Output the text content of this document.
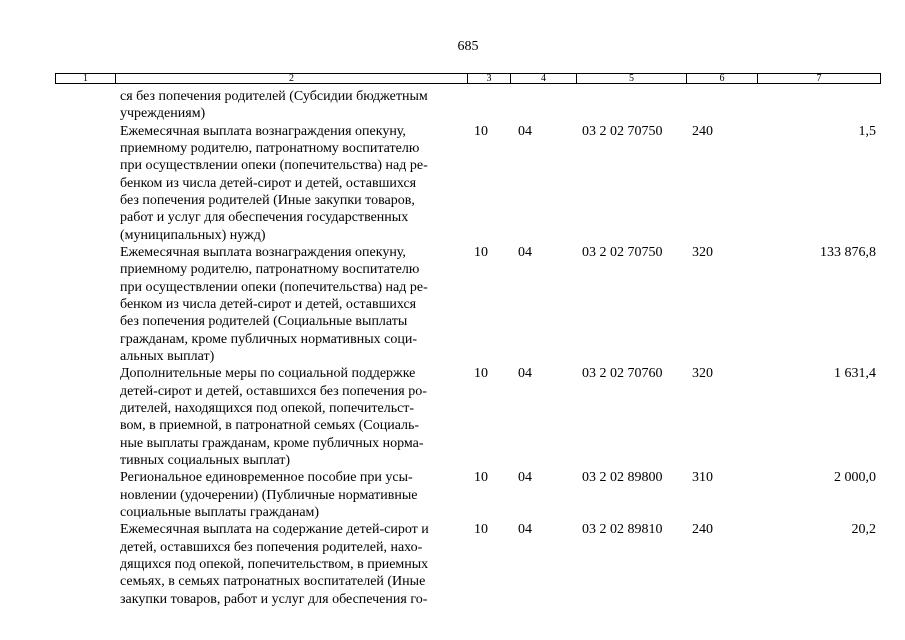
685
1	2	3	4	5	6	7
ся без попечения родителей (Субсидии бюджетным
учреждениям)
Ежемесячная выплата вознаграждения опекуну,
приемному родителю, патронатному воспитателю
при осуществлении опеки (попечительства) над ре-
бенком из числа детей-сирот и детей, оставшихся
без попечения родителей (Иные закупки товаров,
работ и услуг для обеспечения государственных
(муниципальных) нужд)
10	04	03 2 02 70750	240	1,5
Ежемесячная выплата вознаграждения опекуну,
приемному родителю, патронатному воспитателю
при осуществлении опеки (попечительства) над ре-
бенком из числа детей-сирот и детей, оставшихся
без попечения родителей (Социальные выплаты
гражданам, кроме публичных нормативных соци-
альных выплат)
10	04	03 2 02 70750	320	133 876,8
Дополнительные меры по социальной поддержке
детей-сирот и детей, оставшихся без попечения ро-
дителей, находящихся под опекой, попечительст-
вом, в приемной, в патронатной семьях (Социаль-
ные выплаты гражданам, кроме публичных норма-
тивных социальных выплат)
10	04	03 2 02 70760	320	1 631,4
Региональное единовременное пособие при усы-
новлении (удочерении) (Публичные нормативные
социальные выплаты гражданам)
10	04	03 2 02 89800	310	2 000,0
Ежемесячная выплата на содержание детей-сирот и
детей, оставшихся без попечения родителей, нахо-
дящихся под опекой, попечительством, в приемных
семьях, в семьях патронатных воспитателей (Иные
закупки товаров, работ и услуг для обеспечения го-
10	04	03 2 02 89810	240	20,2
